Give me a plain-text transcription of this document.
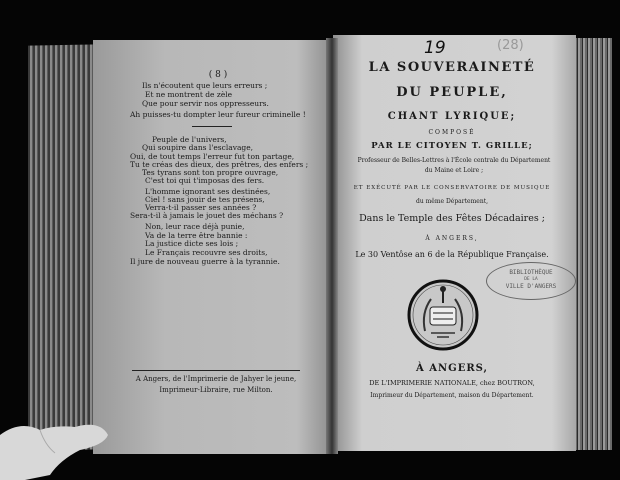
( 8 )
Ils n'écoutent que leurs erreurs ;
Et ne montrent de zèle
Que pour servir nos oppresseurs.
Ah puisses-tu dompter leur fureur criminelle !
Peuple de l'univers,
Qui soupire dans l'esclavage,
Oui, de tout temps l'erreur fut ton partage,
Tu te créas des dieux, des prêtres, des enfers ;
Tes tyrans sont ton propre ouvrage,
C'est toi qui t'imposas des fers.
L'homme ignorant ses destinées,
Ciel ! sans jouir de tes présens,
Verra-t-il passer ses années ?
Sera-t-il à jamais le jouet des méchans ?
Non, leur race déjà punie,
Va de la terre être bannie :
La justice dicte ses lois ;
Le Français recouvre ses droits,
Il jure de nouveau guerre à la tyrannie.
A Angers, de l'Imprimerie de Jahyer le jeune,
Imprimeur-Libraire, rue Milton.
19	(28)
LA SOUVERAINETÉ
DU PEUPLE,
CHANT LYRIQUE;
COMPOSÉ
PAR LE CITOYEN T. GRILLE;
Professeur de Belles-Lettres à l'École centrale du Département
du Maine et Loire ;
ET EXÉCUTÉ PAR LE CONSERVATOIRE DE MUSIQUE
du même Département,
Dans le Temple des Fêtes Décadaires ;
À ANGERS,
Le 30 Ventôse an 6 de la République Française.
BIBLIOTHÈQUE
DE LA
VILLE D'ANGERS
À ANGERS,
DE L'IMPRIMERIE NATIONALE, chez BOUTRON,
Imprimeur du Département, maison du Département.
